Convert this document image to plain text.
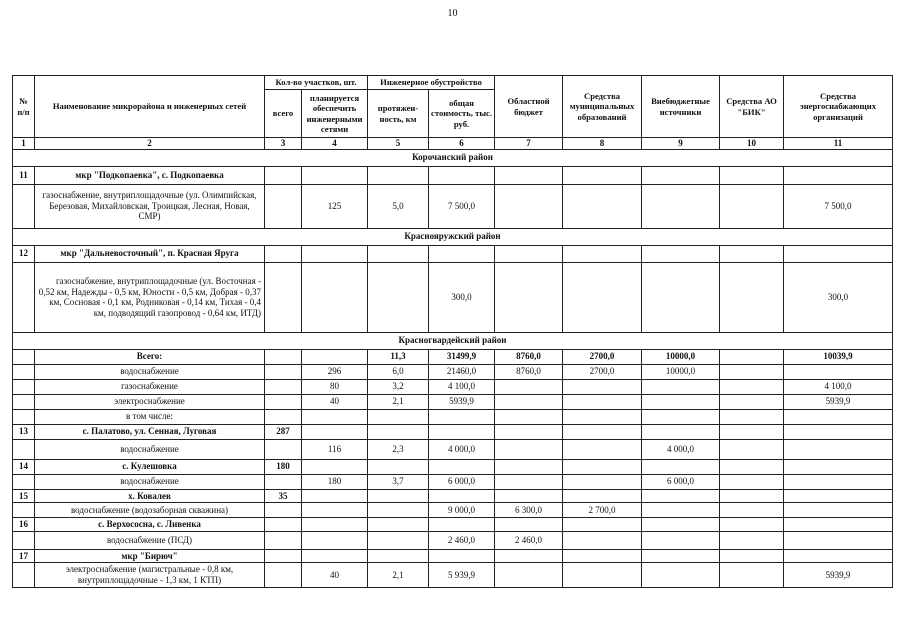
10
№ п/п	Наименование микрорайона и инженерных сетей	Кол-во участков, шт.		Инженерное обустройство		Областной бюджет	Средства муниципальных образований	Внебюджетные источники	Средства АО "БИК"	Средства энергоснабжающих организаций
		всего	планируется обеспечить инженерными сетями	протяжен-ность, км	общая стоимость, тыс. руб.					
1	2	3	4	5	6	7	8	9	10	11
Корочанский район										
11	мкр "Подкопаевка", с. Подкопаевка									
	газоснабжение, внутриплощадочные (ул. Олимпийская, Березовая, Михайловская, Троицкая, Лесная, Новая, СМР)		125	5,0	7 500,0					7 500,0
Краснояружский район										
12	мкр "Дальневосточный", п. Красная Яруга									
	газоснабжение, внутриплощадочные (ул. Восточная - 0,52 км, Надежды - 0,5 км, Юности - 0,5 км, Добрая - 0,37 км, Сосновая - 0,1 км, Родниковая - 0,14 км, Тихая - 0,4 км, подводящий газопровод - 0,64 км, ИТД)				300,0					300,0
Красногвардейский район										
	Всего:			11,3	31499,9	8760,0	2700,0	10000,0		10039,9
	водоснабжение		296	6,0	21460,0	8760,0	2700,0	10000,0		
	газоснабжение		80	3,2	4 100,0					4 100,0
	электроснабжение		40	2,1	5939,9					5939,9
	в том числе:									
13	с. Палатово, ул. Сенная, Луговая	287								
	водоснабжение		116	2,3	4 000,0			4 000,0		
14	с. Кулешовка	180								
	водоснабжение		180	3,7	6 000,0			6 000,0		
15	х. Ковалев	35								
	водоснабжение (водозаборная скважина)				9 000,0	6 300,0	2 700,0			
16	с. Верхососна, с. Ливенка									
	водоснабжение (ПСД)				2 460,0	2 460,0				
17	мкр "Бирюч"									
	электроснабжение (магистральные - 0,8 км, внутриплощадочные - 1,3 км, 1 КТП)		40	2,1	5 939,9					5939,9
